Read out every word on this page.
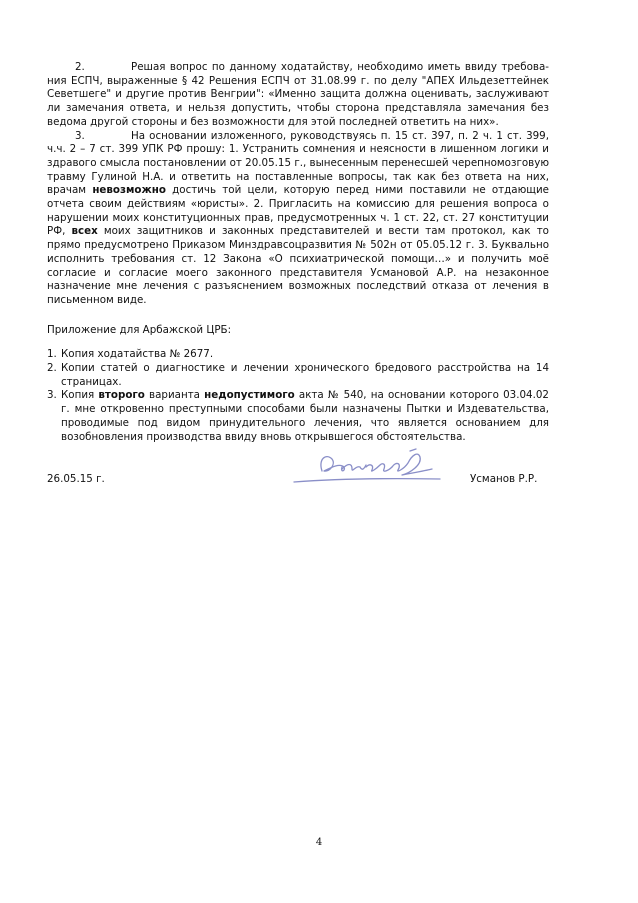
2.	Решая вопрос по данному ходатайству, необходимо иметь ввиду требования ЕСПЧ, выраженные § 42 Решения ЕСПЧ от 31.08.99 г. по делу "АПЕХ Ильдезеттейнек Севетшеге" и другие против Венгрии": «Именно защита должна оценивать, заслуживают ли замечания ответа, и нельзя допустить, чтобы сторона представляла замечания без ведома другой стороны и без возможности для этой последней ответить на них».

3.	На основании изложенного, руководствуясь п. 15 ст. 397, п. 2 ч. 1 ст. 399, ч.ч. 2 – 7 ст. 399 УПК РФ прошу: 1. Устранить сомнения и неясности в лишенном логики и здравого смысла постановлении от 20.05.15 г., вынесенным перенесшей черепномозговую травму Гулиной Н.А. и ответить на поставленные вопросы, так как без ответа на них, врачам невозможно достичь той цели, которую перед ними поставили не отдающие отчета своим действиям «юристы». 2. Пригласить на комиссию для решения вопроса о нарушении моих конституционных прав, предусмотренных ч. 1 ст. 22, ст. 27 конституции РФ, всех моих защитников и законных представителей и вести там протокол, как то прямо предусмотрено Приказом Минздравсоцразвития № 502н от 05.05.12 г. 3. Буквально исполнить требования ст. 12 Закона «О психиатрической помощи…» и получить моё согласие и согласие моего законного представителя Усмановой А.Р. на незаконное назначение мне лечения с разъяснением возможных последствий отказа от лечения в письменном виде.

Приложение для Арбажской ЦРБ:
1. Копия ходатайства № 2677.
2. Копии статей о диагностике и лечении хронического бредового расстройства на 14 страницах.
3. Копия второго варианта недопустимого акта № 540, на основании которого 03.04.02 г. мне откровенно преступными способами были назначены Пытки и Издевательства, проводимые под видом принудительного лечения, что является основанием для возобновления производства ввиду вновь открывшегося обстоятельства.
26.05.15 г.	Усманов Р.Р.
4
